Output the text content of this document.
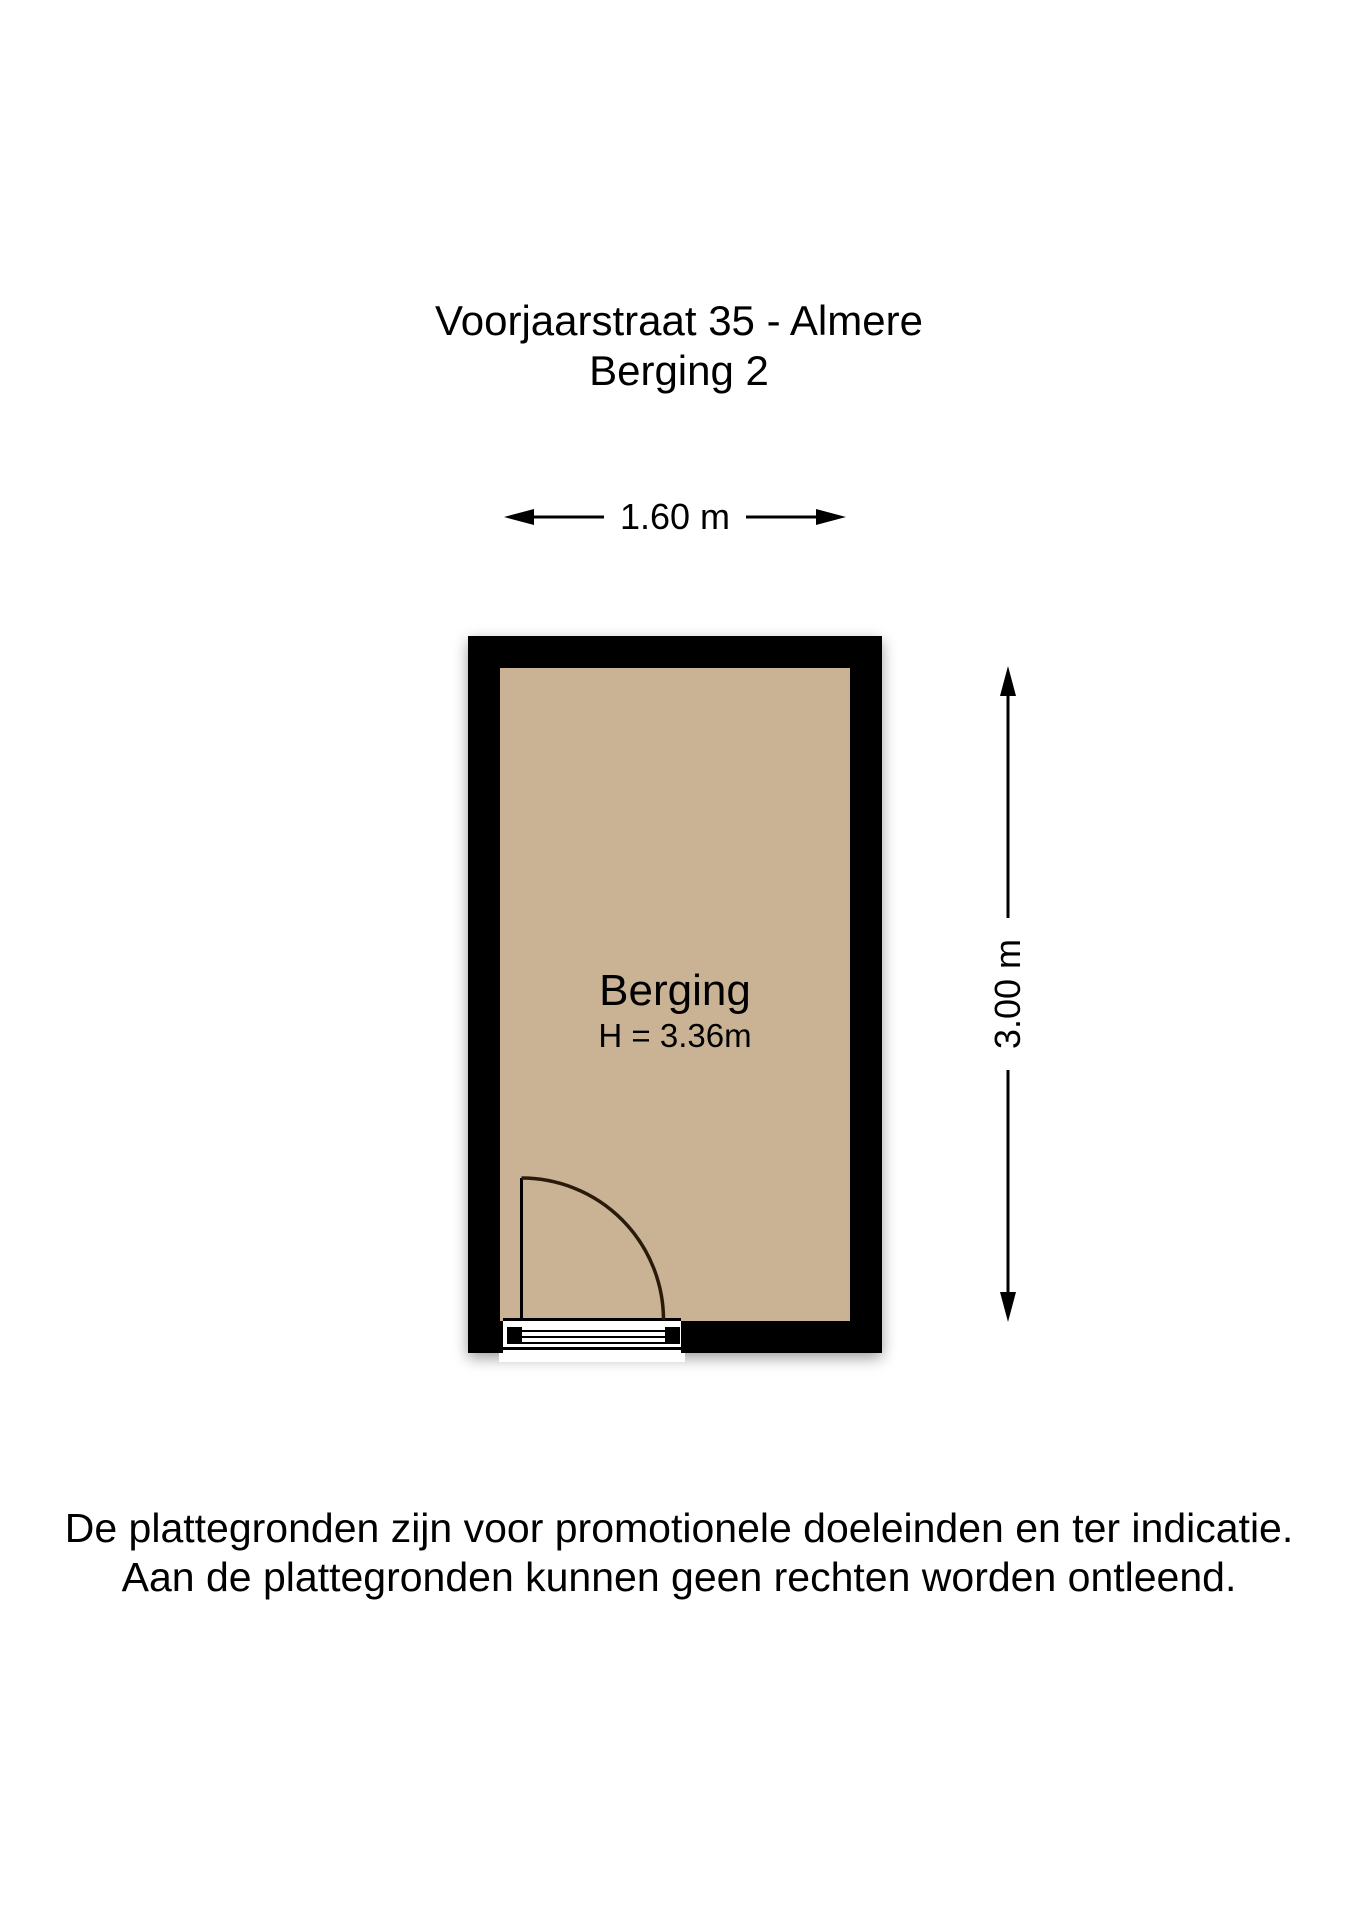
Voorjaarstraat 35 - Almere
Berging 2
1.60 m
Berging
H = 3.36m	3.00 m
De plattegronden zijn voor promotionele doeleinden en ter indicatie.
Aan de plattegronden kunnen geen rechten worden ontleend.
